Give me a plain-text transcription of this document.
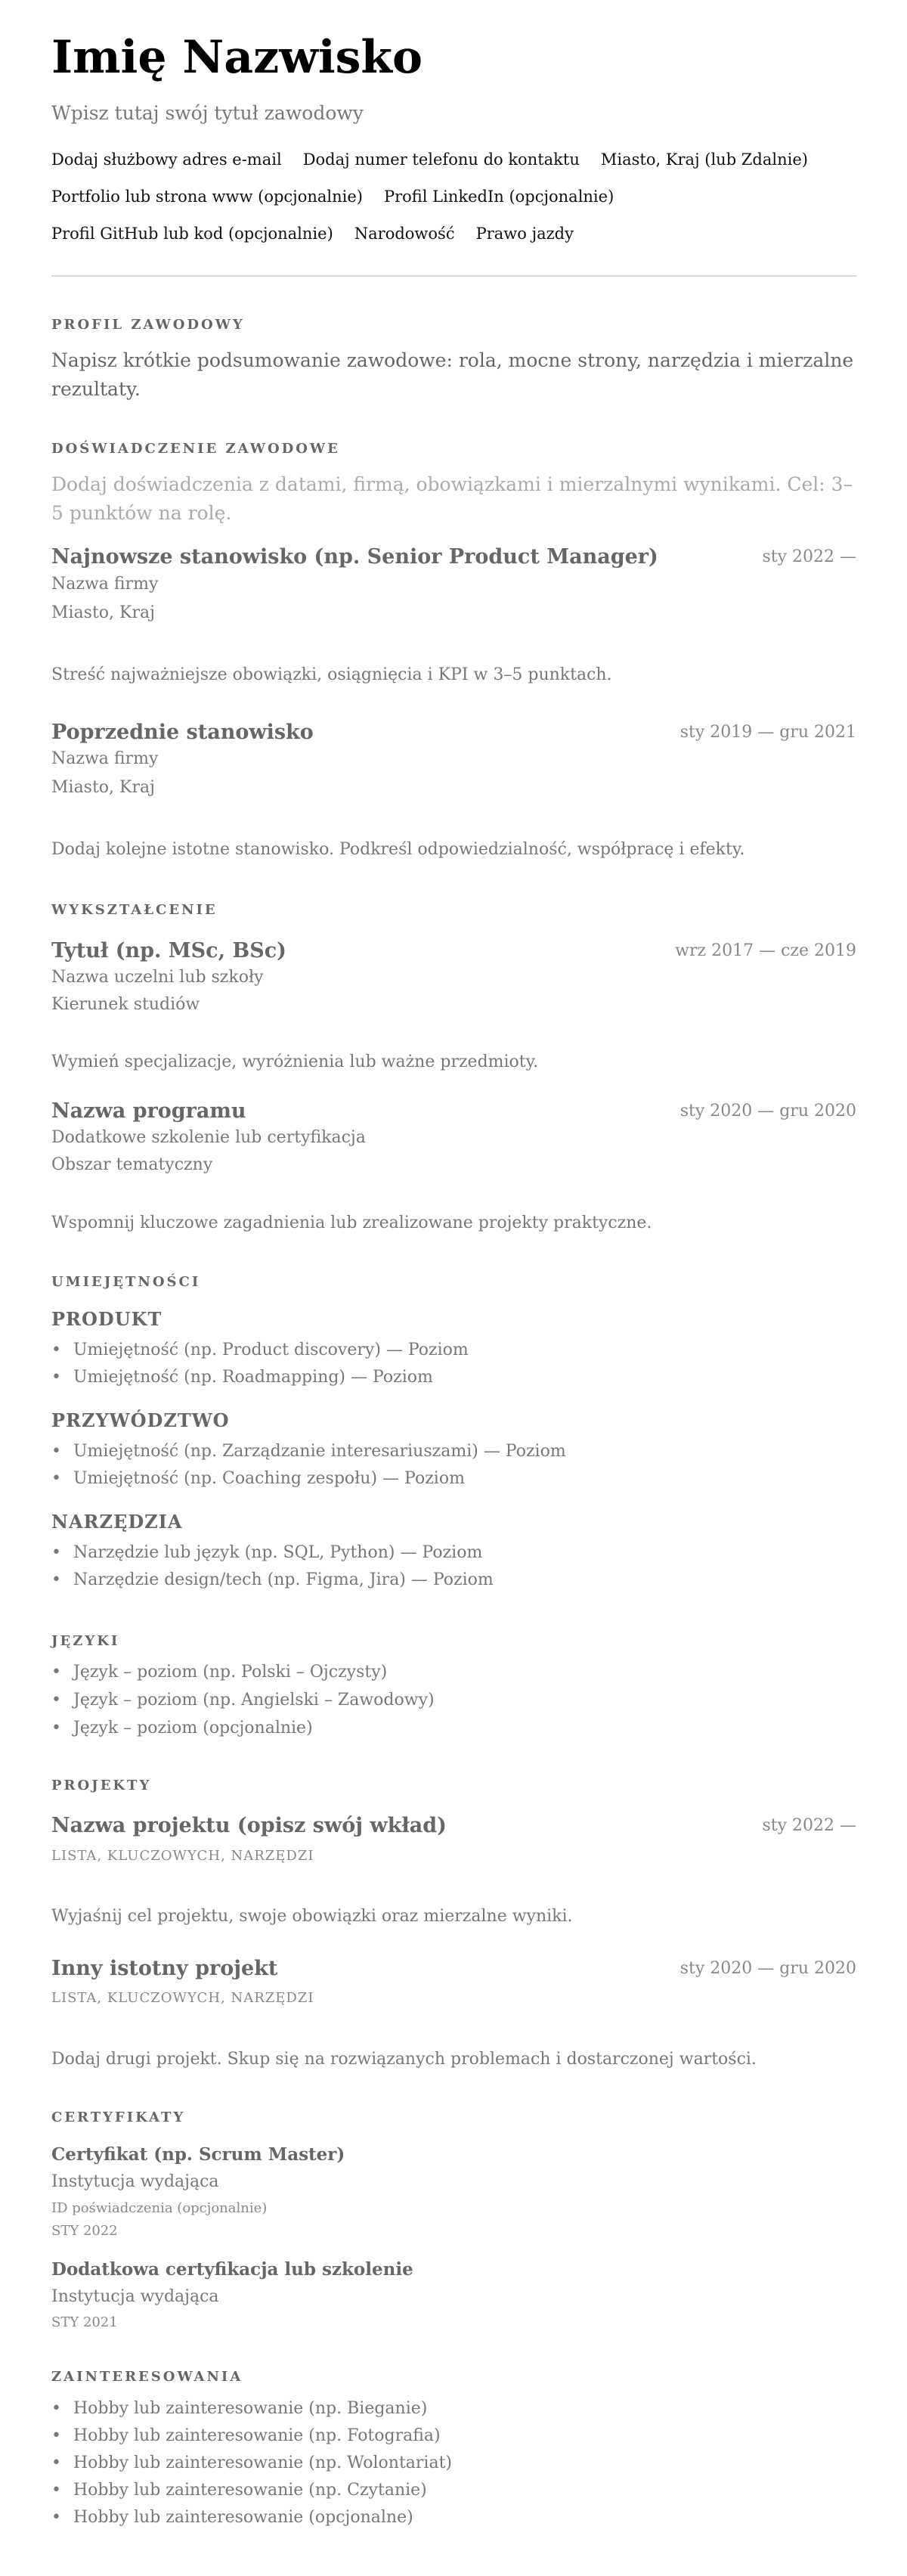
Imię Nazwisko
Wpisz tutaj swój tytuł zawodowy
Dodaj służbowy adres e-mail Dodaj numer telefonu do kontaktu Miasto, Kraj (lub Zdalnie)
Portfolio lub strona www (opcjonalnie) Profil LinkedIn (opcjonalnie)
Profil GitHub lub kod (opcjonalnie) Narodowość Prawo jazdy
PROFIL ZAWODOWY
Napisz krótkie podsumowanie zawodowe: rola, mocne strony, narzędzia i mierzalne rezultaty.
DOŚWIADCZENIE ZAWODOWE
Dodaj doświadczenia z datami, firmą, obowiązkami i mierzalnymi wynikami. Cel: 3–5 punktów na rolę.
Najnowsze stanowisko (np. Senior Product Manager)	sty 2022 —
Nazwa firmy
Miasto, Kraj
Streść najważniejsze obowiązki, osiągnięcia i KPI w 3–5 punktach.
Poprzednie stanowisko	sty 2019 — gru 2021
Nazwa firmy
Miasto, Kraj
Dodaj kolejne istotne stanowisko. Podkreśl odpowiedzialność, współpracę i efekty.
WYKSZTAŁCENIE
Tytuł (np. MSc, BSc)	wrz 2017 — cze 2019
Nazwa uczelni lub szkoły
Kierunek studiów
Wymień specjalizacje, wyróżnienia lub ważne przedmioty.
Nazwa programu	sty 2020 — gru 2020
Dodatkowe szkolenie lub certyfikacja
Obszar tematyczny
Wspomnij kluczowe zagadnienia lub zrealizowane projekty praktyczne.
UMIEJĘTNOŚCI
PRODUKT
• Umiejętność (np. Product discovery) — Poziom
• Umiejętność (np. Roadmapping) — Poziom
PRZYWÓDZTWO
• Umiejętność (np. Zarządzanie interesariuszami) — Poziom
• Umiejętność (np. Coaching zespołu) — Poziom
NARZĘDZIA
• Narzędzie lub język (np. SQL, Python) — Poziom
• Narzędzie design/tech (np. Figma, Jira) — Poziom
JĘZYKI
• Język – poziom (np. Polski – Ojczysty)
• Język – poziom (np. Angielski – Zawodowy)
• Język – poziom (opcjonalnie)
PROJEKTY
Nazwa projektu (opisz swój wkład)	sty 2022 —
LISTA, KLUCZOWYCH, NARZĘDZI
Wyjaśnij cel projektu, swoje obowiązki oraz mierzalne wyniki.
Inny istotny projekt	sty 2020 — gru 2020
LISTA, KLUCZOWYCH, NARZĘDZI
Dodaj drugi projekt. Skup się na rozwiązanych problemach i dostarczonej wartości.
CERTYFIKATY
Certyfikat (np. Scrum Master)
Instytucja wydająca
ID poświadczenia (opcjonalnie)
STY 2022
Dodatkowa certyfikacja lub szkolenie
Instytucja wydająca
STY 2021
ZAINTERESOWANIA
• Hobby lub zainteresowanie (np. Bieganie)
• Hobby lub zainteresowanie (np. Fotografia)
• Hobby lub zainteresowanie (np. Wolontariat)
• Hobby lub zainteresowanie (np. Czytanie)
• Hobby lub zainteresowanie (opcjonalne)
